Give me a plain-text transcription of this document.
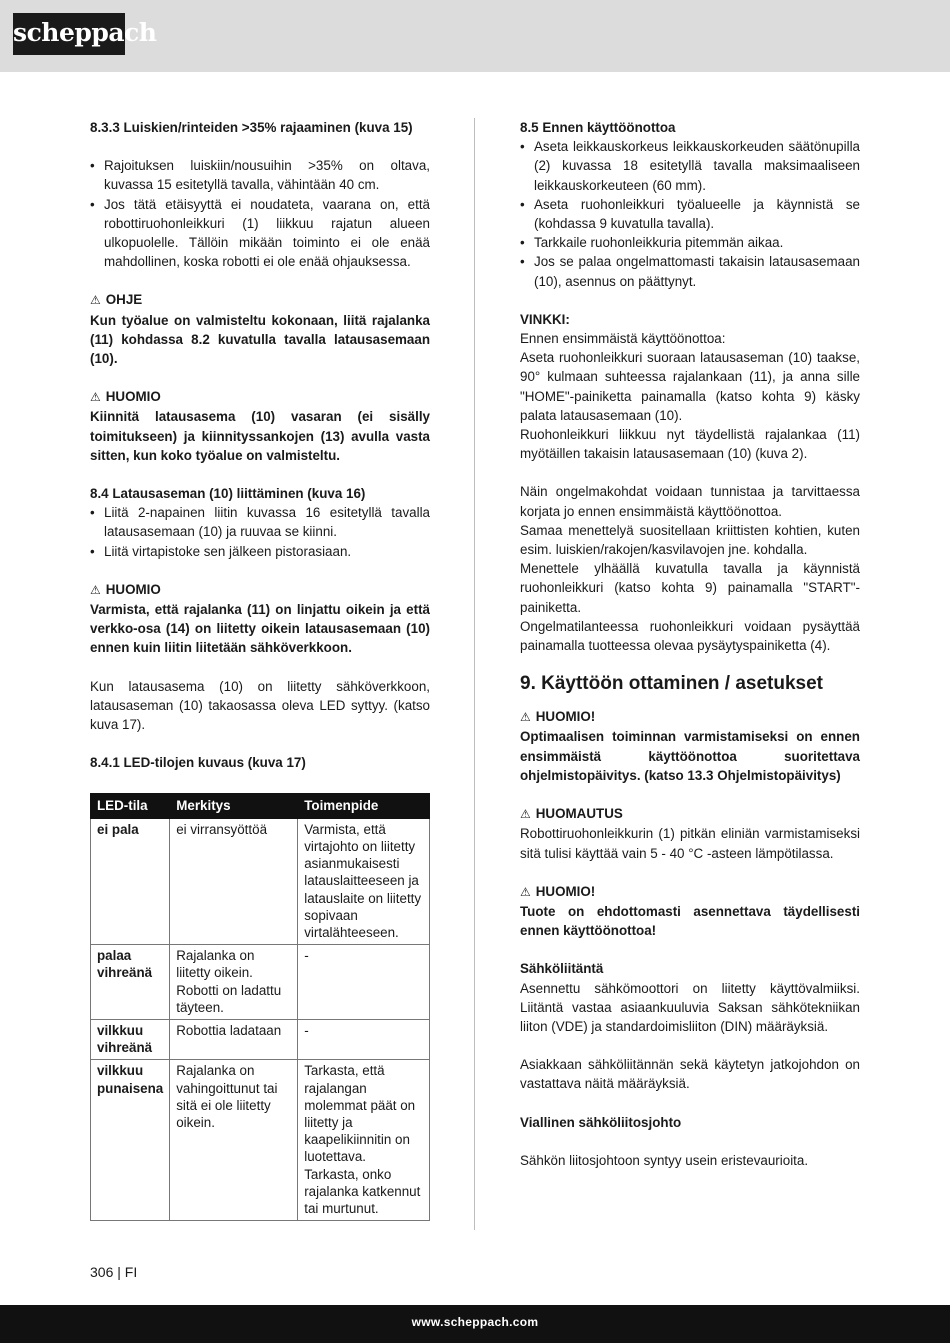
scheppach
8.3.3 Luiskien/rinteiden >35% rajaaminen (kuva 15)
• Rajoituksen luiskiin/nousuihin >35% on oltava, kuvassa 15 esitetyllä tavalla, vähintään 40 cm.
• Jos tätä etäisyyttä ei noudateta, vaarana on, että robottiruohonleikkuri (1) liikkuu rajatun alueen ulkopuolelle. Tällöin mikään toiminto ei ole enää mahdollinen, koska robotti ei ole enää ohjauksessa.
⚠ OHJE
Kun työalue on valmisteltu kokonaan, liitä rajalanka (11) kohdassa 8.2 kuvatulla tavalla latausasemaan (10).
⚠ HUOMIO
Kiinnitä latausasema (10) vasaran (ei sisälly toimitukseen) ja kiinnityssankojen (13) avulla vasta sitten, kun koko työalue on valmisteltu.
8.4 Latausaseman (10) liittäminen (kuva 16)
• Liitä 2-napainen liitin kuvassa 16 esitetyllä tavalla latausasemaan (10) ja ruuvaa se kiinni.
• Liitä virtapistoke sen jälkeen pistorasiaan.
⚠ HUOMIO
Varmista, että rajalanka (11) on linjattu oikein ja että verkko-osa (14) on liitetty oikein latausasemaan (10) ennen kuin liitin liitetään sähköverkkoon.
Kun latausasema (10) on liitetty sähköverkkoon, latausaseman (10) takaosassa oleva LED syttyy. (katso kuva 17).
8.4.1 LED-tilojen kuvaus (kuva 17)
LED-tila	Merkitys	Toimenpide
ei pala	ei virransyöttöä	Varmista, että virtajohto on liitetty asianmukaisesti latauslaitteeseen ja latauslaite on liitetty sopivaan virtalähteeseen.
palaa vihreänä	Rajalanka on liitetty oikein. Robotti on ladattu täyteen.	-
vilkkuu vihreänä	Robottia ladataan	-
vilkkuu punaisena	Rajalanka on vahingoittunut tai sitä ei ole liitetty oikein.	Tarkasta, että rajalangan molemmat päät on liitetty ja kaapelikiinnitin on luotettava. Tarkasta, onko rajalanka katkennut tai murtunut.
8.5 Ennen käyttöönottoa
• Aseta leikkauskorkeus leikkauskorkeuden säätönupilla (2) kuvassa 18 esitetyllä tavalla maksimaaliseen leikkauskorkeuteen (60 mm).
• Aseta ruohonleikkuri työalueelle ja käynnistä se (kohdassa 9 kuvatulla tavalla).
• Tarkkaile ruohonleikkuria pitemmän aikaa.
• Jos se palaa ongelmattomasti takaisin latausasemaan (10), asennus on päättynyt.
VINKKI:
Ennen ensimmäistä käyttöönottoa:
Aseta ruohonleikkuri suoraan latausaseman (10) taakse, 90° kulmaan suhteessa rajalankaan (11), ja anna sille "HOME"-painiketta painamalla (katso kohta 9) käsky palata latausasemaan (10).
Ruohonleikkuri liikkuu nyt täydellistä rajalankaa (11) myötäillen takaisin latausasemaan (10) (kuva 2).
Näin ongelmakohdat voidaan tunnistaa ja tarvittaessa korjata jo ennen ensimmäistä käyttöönottoa.
Samaa menettelyä suositellaan kriittisten kohtien, kuten esim. luiskien/rakojen/kasvilavojen jne. kohdalla.
Menettele ylhäällä kuvatulla tavalla ja käynnistä ruohonleikkuri (katso kohta 9) painamalla "START"-painiketta.
Ongelmatilanteessa ruohonleikkuri voidaan pysäyttää painamalla tuotteessa olevaa pysäytyspainiketta (4).
9. Käyttöön ottaminen / asetukset
⚠ HUOMIO!
Optimaalisen toiminnan varmistamiseksi on ennen ensimmäistä käyttöönottoa suoritettava ohjelmistopäivitys. (katso 13.3 Ohjelmistopäivitys)
⚠ HUOMAUTUS
Robottiruohonleikkurin (1) pitkän eliniän varmistamiseksi sitä tulisi käyttää vain 5 - 40 °C -asteen lämpötilassa.
⚠ HUOMIO!
Tuote on ehdottomasti asennettava täydellisesti ennen käyttöönottoa!
Sähköliitäntä
Asennettu sähkömoottori on liitetty käyttövalmiiksi. Liitäntä vastaa asiaankuuluvia Saksan sähkötekniikan liiton (VDE) ja standardoimisliiton (DIN) määräyksiä.
Asiakkaan sähköliitännän sekä käytetyn jatkojohdon on vastattava näitä määräyksiä.
Viallinen sähköliitosjohto
Sähkön liitosjohtoon syntyy usein eristevaurioita.
306 | FI
www.scheppach.com
